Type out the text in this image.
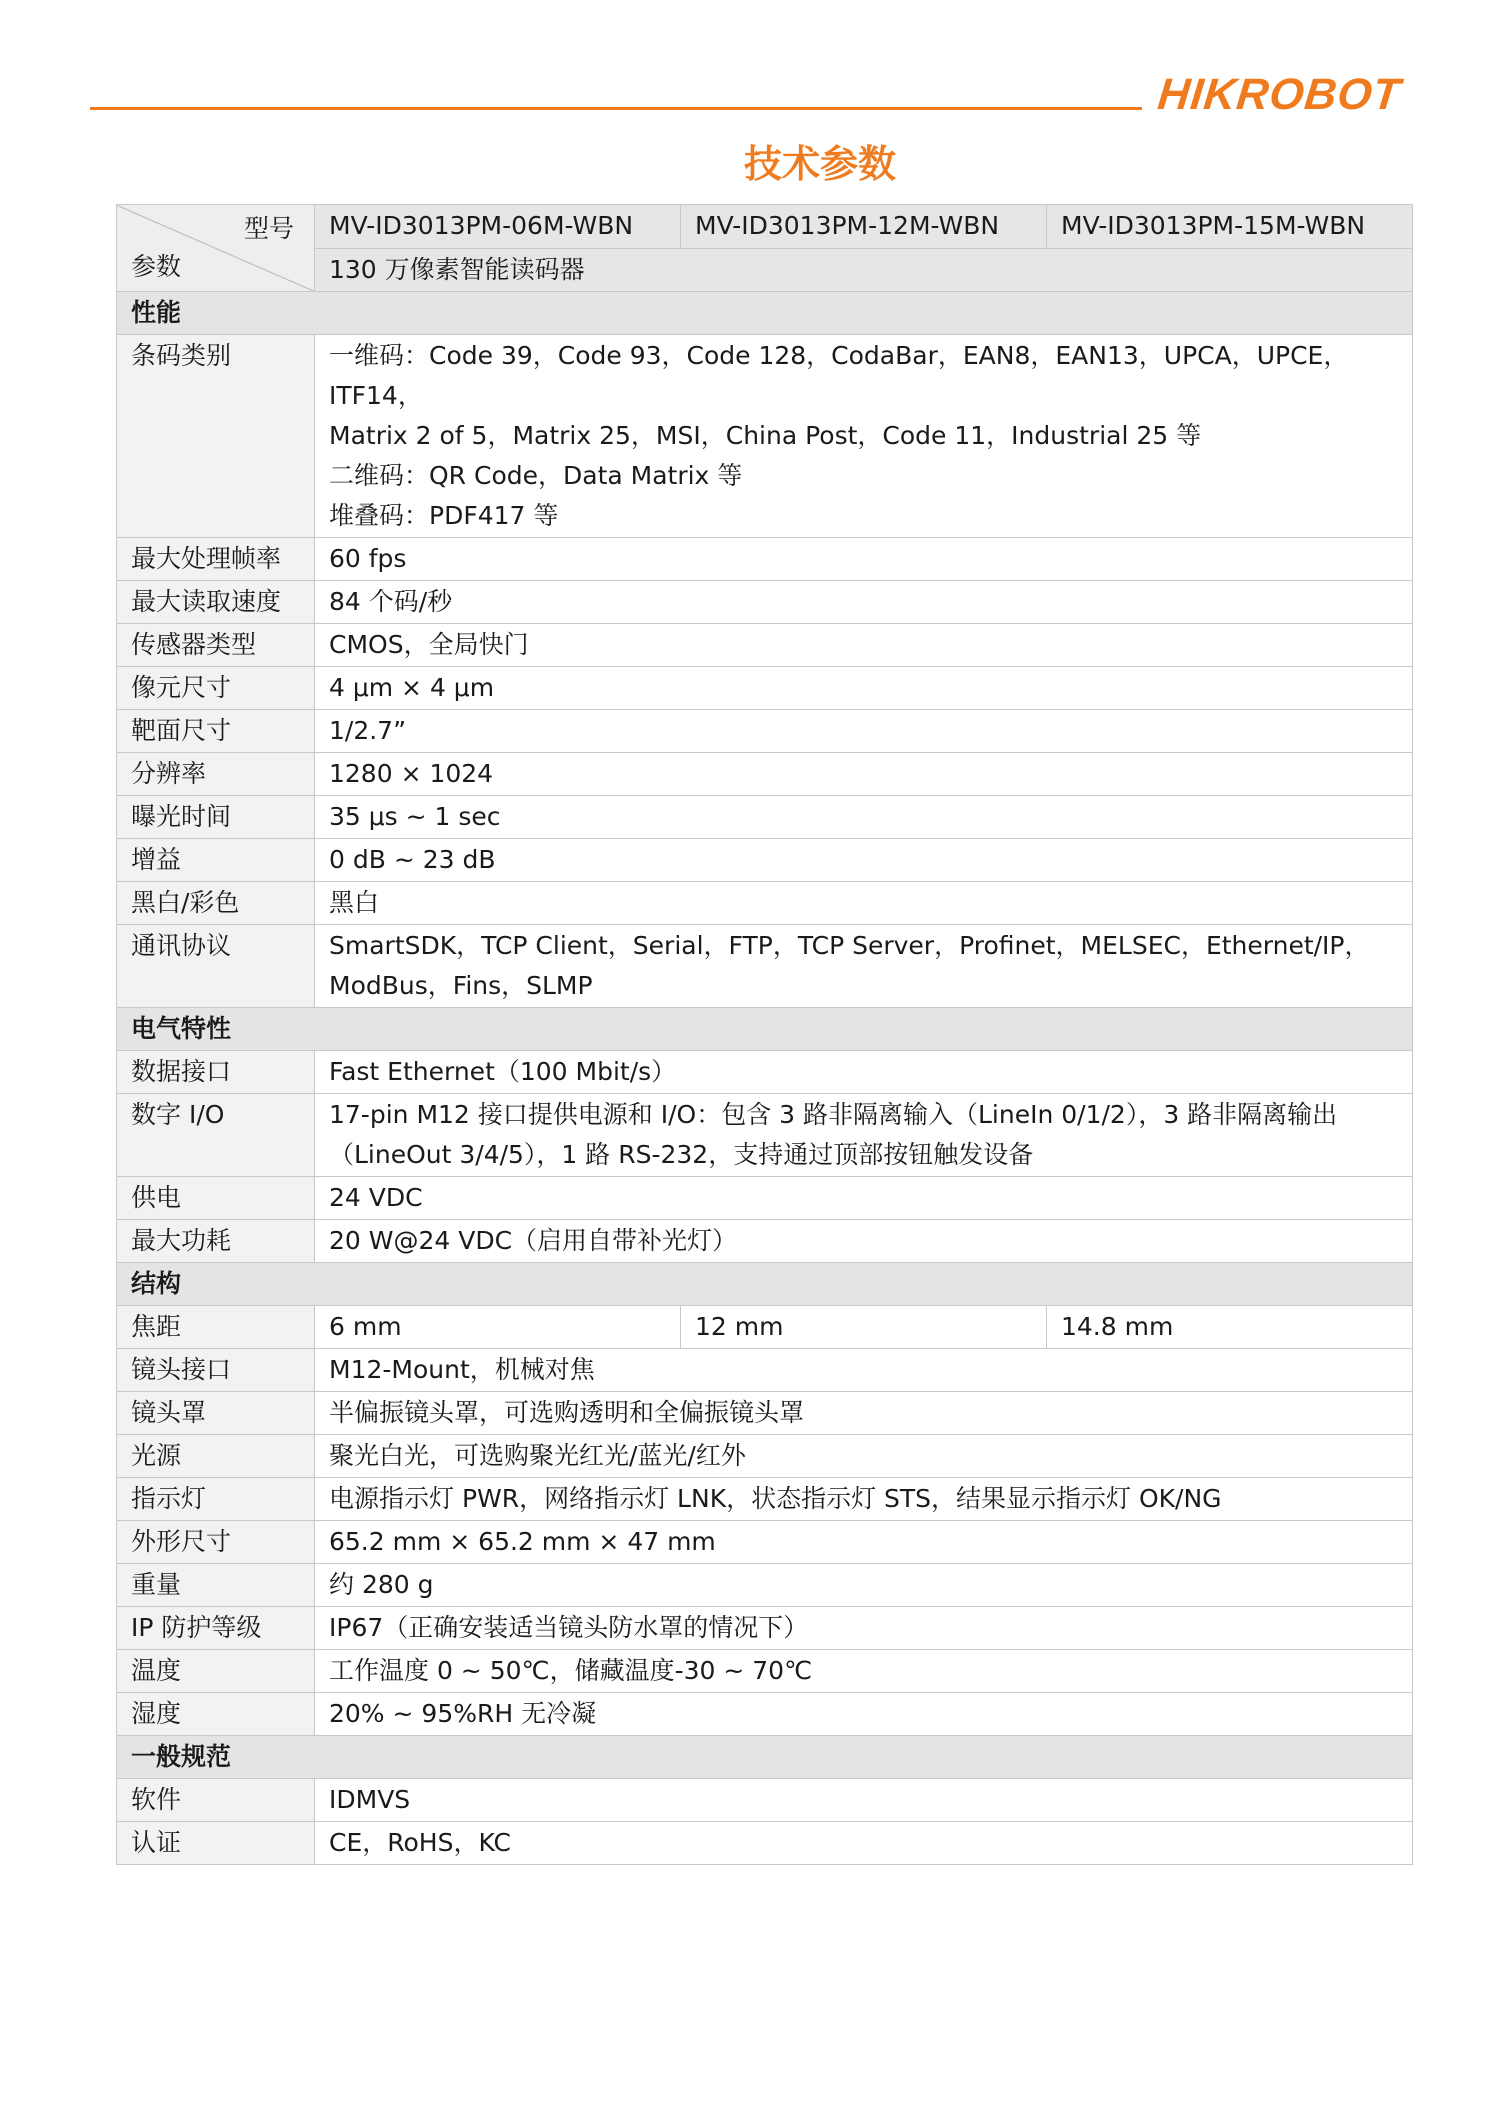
HIKROBOT
技术参数
型号
参数	MV-ID3013PM-06M-WBN	MV-ID3013PM-12M-WBN	MV-ID3013PM-15M-WBN
	130 万像素智能读码器		
性能			
条码类别	一维码：Code 39，Code 93，Code 128，CodaBar，EAN8，EAN13，UPCA，UPCE，ITF14，
Matrix 2 of 5，Matrix 25，MSI，China Post，Code 11，Industrial 25 等
二维码：QR Code，Data Matrix 等
堆叠码：PDF417 等		

最大处理帧率	60 fps		
最大读取速度	84 个码/秒		
传感器类型	CMOS，全局快门		
像元尺寸	4 μm × 4 μm		
靶面尺寸	1/2.7”		
分辨率	1280 × 1024		
曝光时间	35 μs ~ 1 sec		
增益	0 dB ~ 23 dB		
黑白/彩色	黑白		
通讯协议	SmartSDK，TCP Client，Serial，FTP，TCP Server，Profinet，MELSEC，Ethernet/IP，
ModBus，Fins，SLMP		

电气特性			
数据接口	Fast Ethernet（100 Mbit/s）		
数字 I/O	17-pin M12 接口提供电源和 I/O：包含 3 路非隔离输入（LineIn 0/1/2），3 路非隔离输出
（LineOut 3/4/5），1 路 RS-232，支持通过顶部按钮触发设备		

供电	24 VDC		
最大功耗	20 W@24 VDC（启用自带补光灯）		
结构			
焦距	6 mm	12 mm	14.8 mm
镜头接口	M12-Mount，机械对焦		
镜头罩	半偏振镜头罩，可选购透明和全偏振镜头罩		
光源	聚光白光，可选购聚光红光/蓝光/红外		
指示灯	电源指示灯 PWR，网络指示灯 LNK，状态指示灯 STS，结果显示指示灯 OK/NG		
外形尺寸	65.2 mm × 65.2 mm × 47 mm		
重量	约 280 g		
IP 防护等级	IP67（正确安装适当镜头防水罩的情况下）		
温度	工作温度 0 ~ 50℃，储藏温度-30 ~ 70℃		
湿度	20% ~ 95%RH 无冷凝		
一般规范			
软件	IDMVS		
认证	CE，RoHS，KC		
